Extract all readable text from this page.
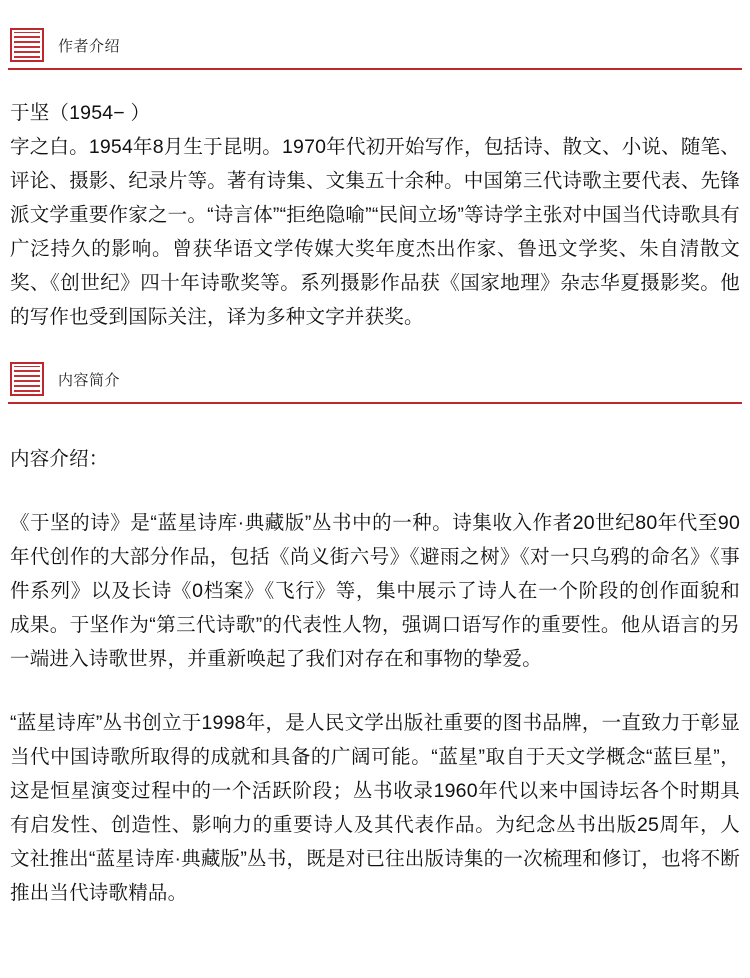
作者介绍

于坚（1954− ）

字之白。1954年8月生于昆明。1970年代初开始写作，包括诗、散文、小说、随笔、评论、摄影、纪录片等。著有诗集、文集五十余种。中国第三代诗歌主要代表、先锋派文学重要作家之一。“诗言体”“拒绝隐喻”“民间立场”等诗学主张对中国当代诗歌具有广泛持久的影响。曾获华语文学传媒大奖年度杰出作家、鲁迅文学奖、朱自清散文奖、《创世纪》四十年诗歌奖等。系列摄影作品获《国家地理》杂志华夏摄影奖。他的写作也受到国际关注，译为多种文字并获奖。

内容简介

内容介绍：

《于坚的诗》是“蓝星诗库·典藏版”丛书中的一种。诗集收入作者20世纪80年代至90年代创作的大部分作品，包括《尚义街六号》《避雨之树》《对一只乌鸦的命名》《事件系列》以及长诗《0档案》《飞行》等，集中展示了诗人在一个阶段的创作面貌和成果。于坚作为“第三代诗歌”的代表性人物，强调口语写作的重要性。他从语言的另一端进入诗歌世界，并重新唤起了我们对存在和事物的挚爱。

“蓝星诗库”丛书创立于1998年，是人民文学出版社重要的图书品牌，一直致力于彰显当代中国诗歌所取得的成就和具备的广阔可能。“蓝星”取自于天文学概念“蓝巨星”，这是恒星演变过程中的一个活跃阶段；丛书收录1960年代以来中国诗坛各个时期具有启发性、创造性、影响力的重要诗人及其代表作品。为纪念丛书出版25周年，人文社推出“蓝星诗库·典藏版”丛书，既是对已往出版诗集的一次梳理和修订，也将不断推出当代诗歌精品。
